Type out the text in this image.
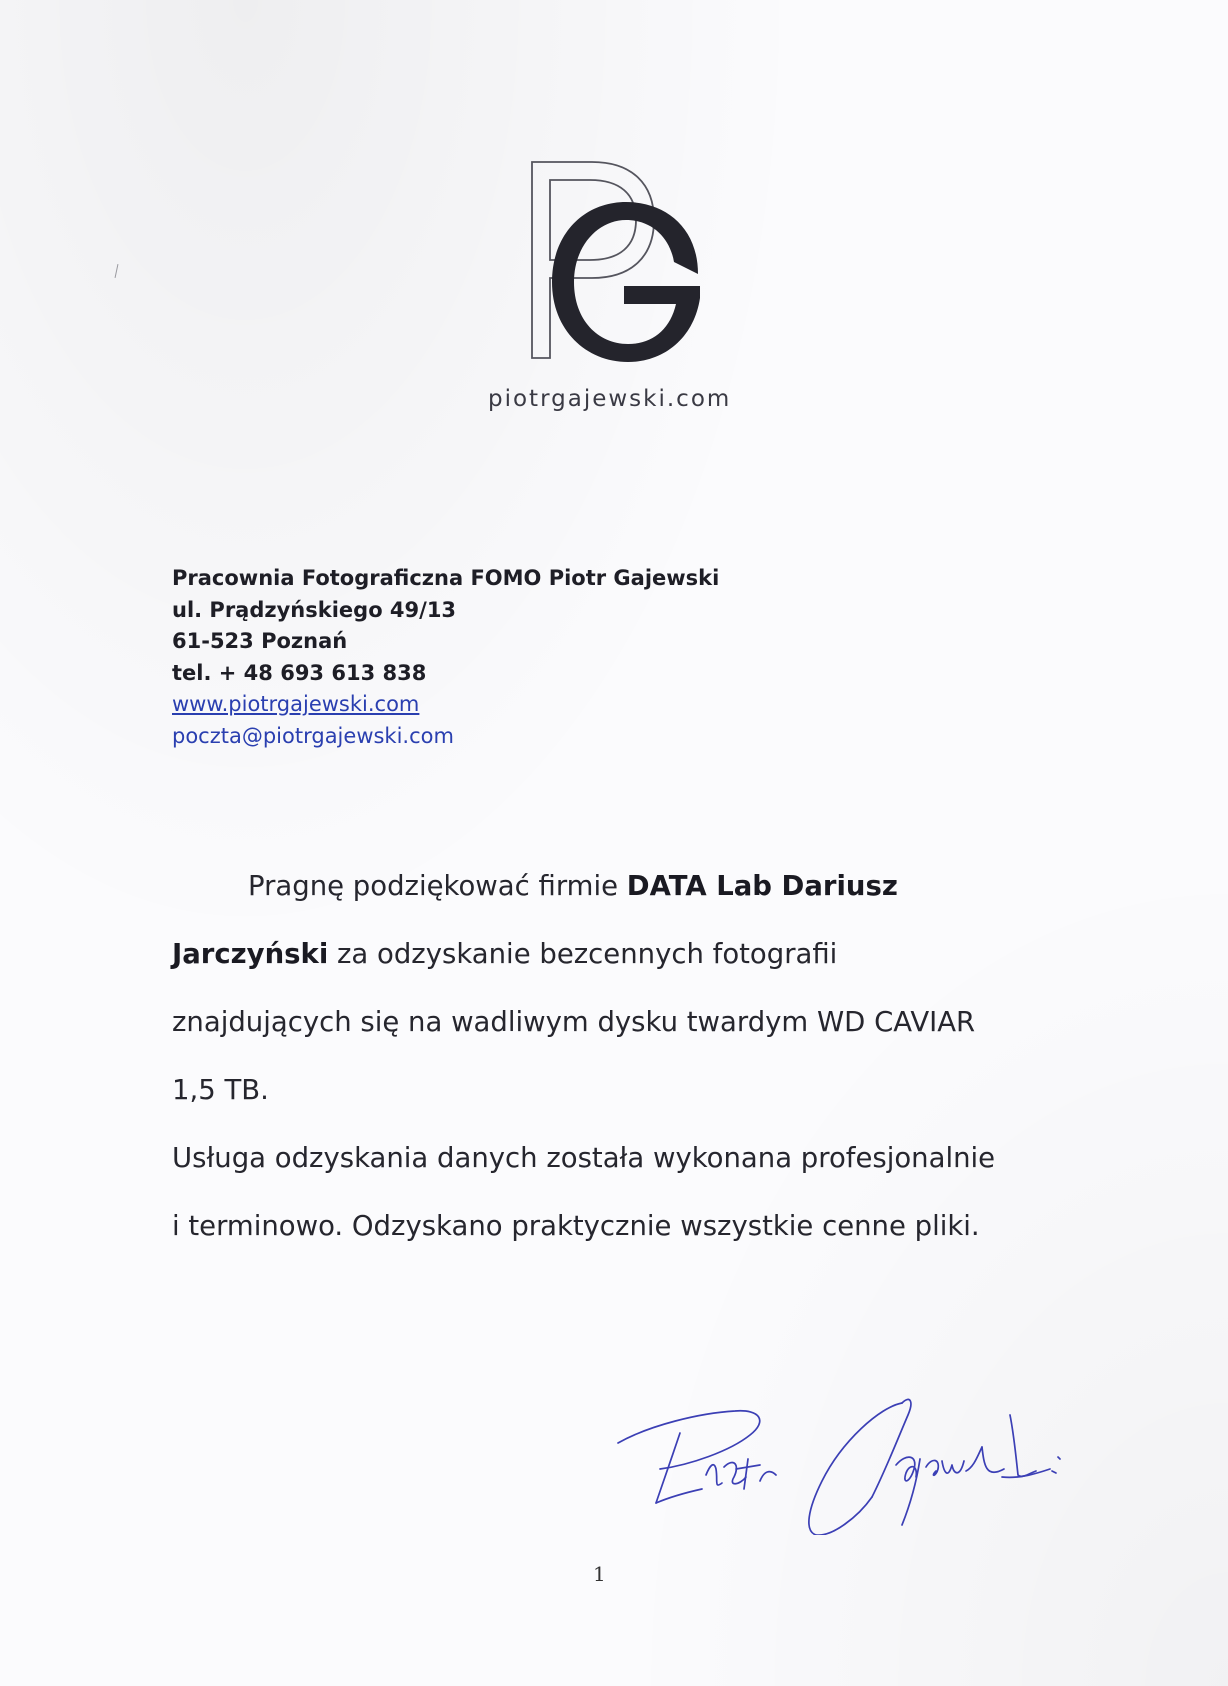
piotrgajewski.com
Pracownia Fotograficzna FOMO Piotr Gajewski
ul. Prądzyńskiego 49/13
61-523 Poznań
tel. + 48 693 613 838
www.piotrgajewski.com
poczta@piotrgajewski.com
Pragnę podziękować firmie DATA Lab Dariusz
Jarczyński za odzyskanie bezcennych fotografii
znajdujących się na wadliwym dysku twardym WD CAVIAR
1,5 TB.
Usługa odzyskania danych została wykonana profesjonalnie
i terminowo. Odzyskano praktycznie wszystkie cenne pliki.
1
